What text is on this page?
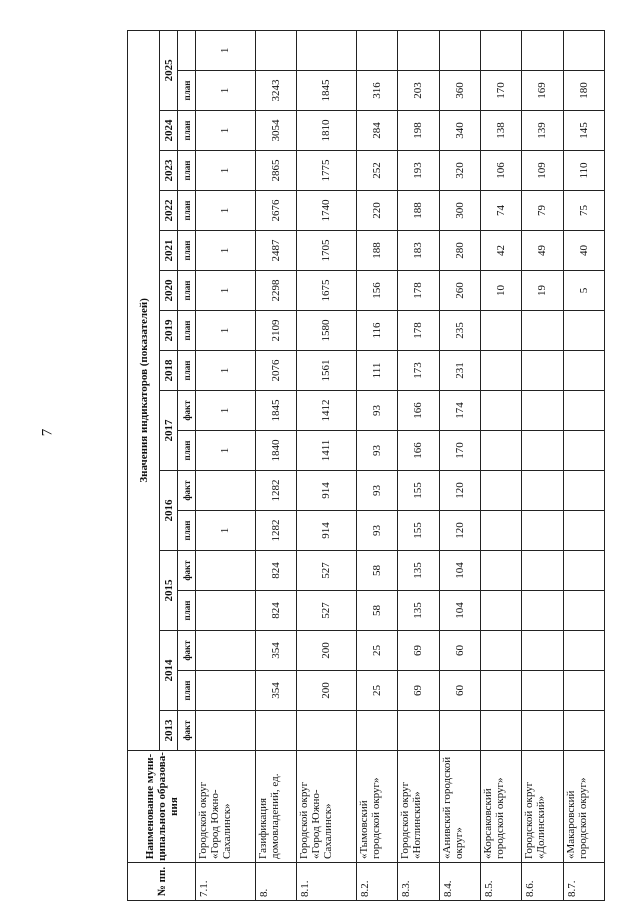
7
№ пп.	Наименование муни-ципального образова-ния	Значения индикаторов (показателей)																	
		2013	2014		2015		2016		2017		2018	2019	2020	2021	2022	2023	2024	2025	
		факт	план	факт	план	факт	план	факт	план	факт	план	план	план	план	план	план	план	план	
7.1.	Городской округ «Город Южно-Сахалинск»						1		1	1	1	1	1	1	1	1	1	1	1
8.	Газификация домовладений, ед.		354	354	824	824	1282	1282	1840	1845	2076	2109	2298	2487	2676	2865	3054	3243	
8.1.	Городской округ «Город Южно-Сахалинск»		200	200	527	527	914	914	1411	1412	1561	1580	1675	1705	1740	1775	1810	1845	
8.2.	«Тымовский городской округ»		25	25	58	58	93	93	93	93	111	116	156	188	220	252	284	316	
8.3.	Городской округ «Ноглинский»		69	69	135	135	155	155	166	166	173	178	178	183	188	193	198	203	
8.4.	«Анивский городской округ»		60	60	104	104	120	120	170	174	231	235	260	280	300	320	340	360	
8.5.	«Корсаковский городской округ»												10	42	74	106	138	170	
8.6.	Городской округ «Долинский»												19	49	79	109	139	169	
8.7.	«Макаровский городской округ»												5	40	75	110	145	180	
